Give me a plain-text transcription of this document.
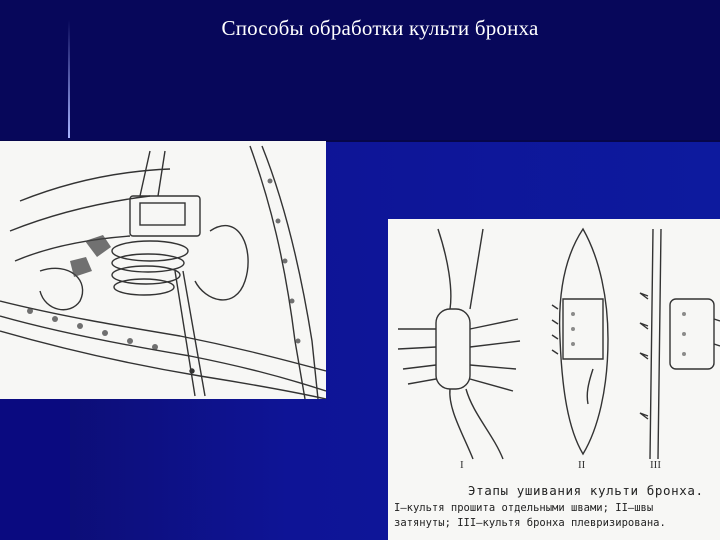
Способы обработки культи бронха
I	II	III
Этапы ушивания культи бронха.
I—культя прошита отдельными швами; II—швы затянуты; III—культя бронха плевризирована.
